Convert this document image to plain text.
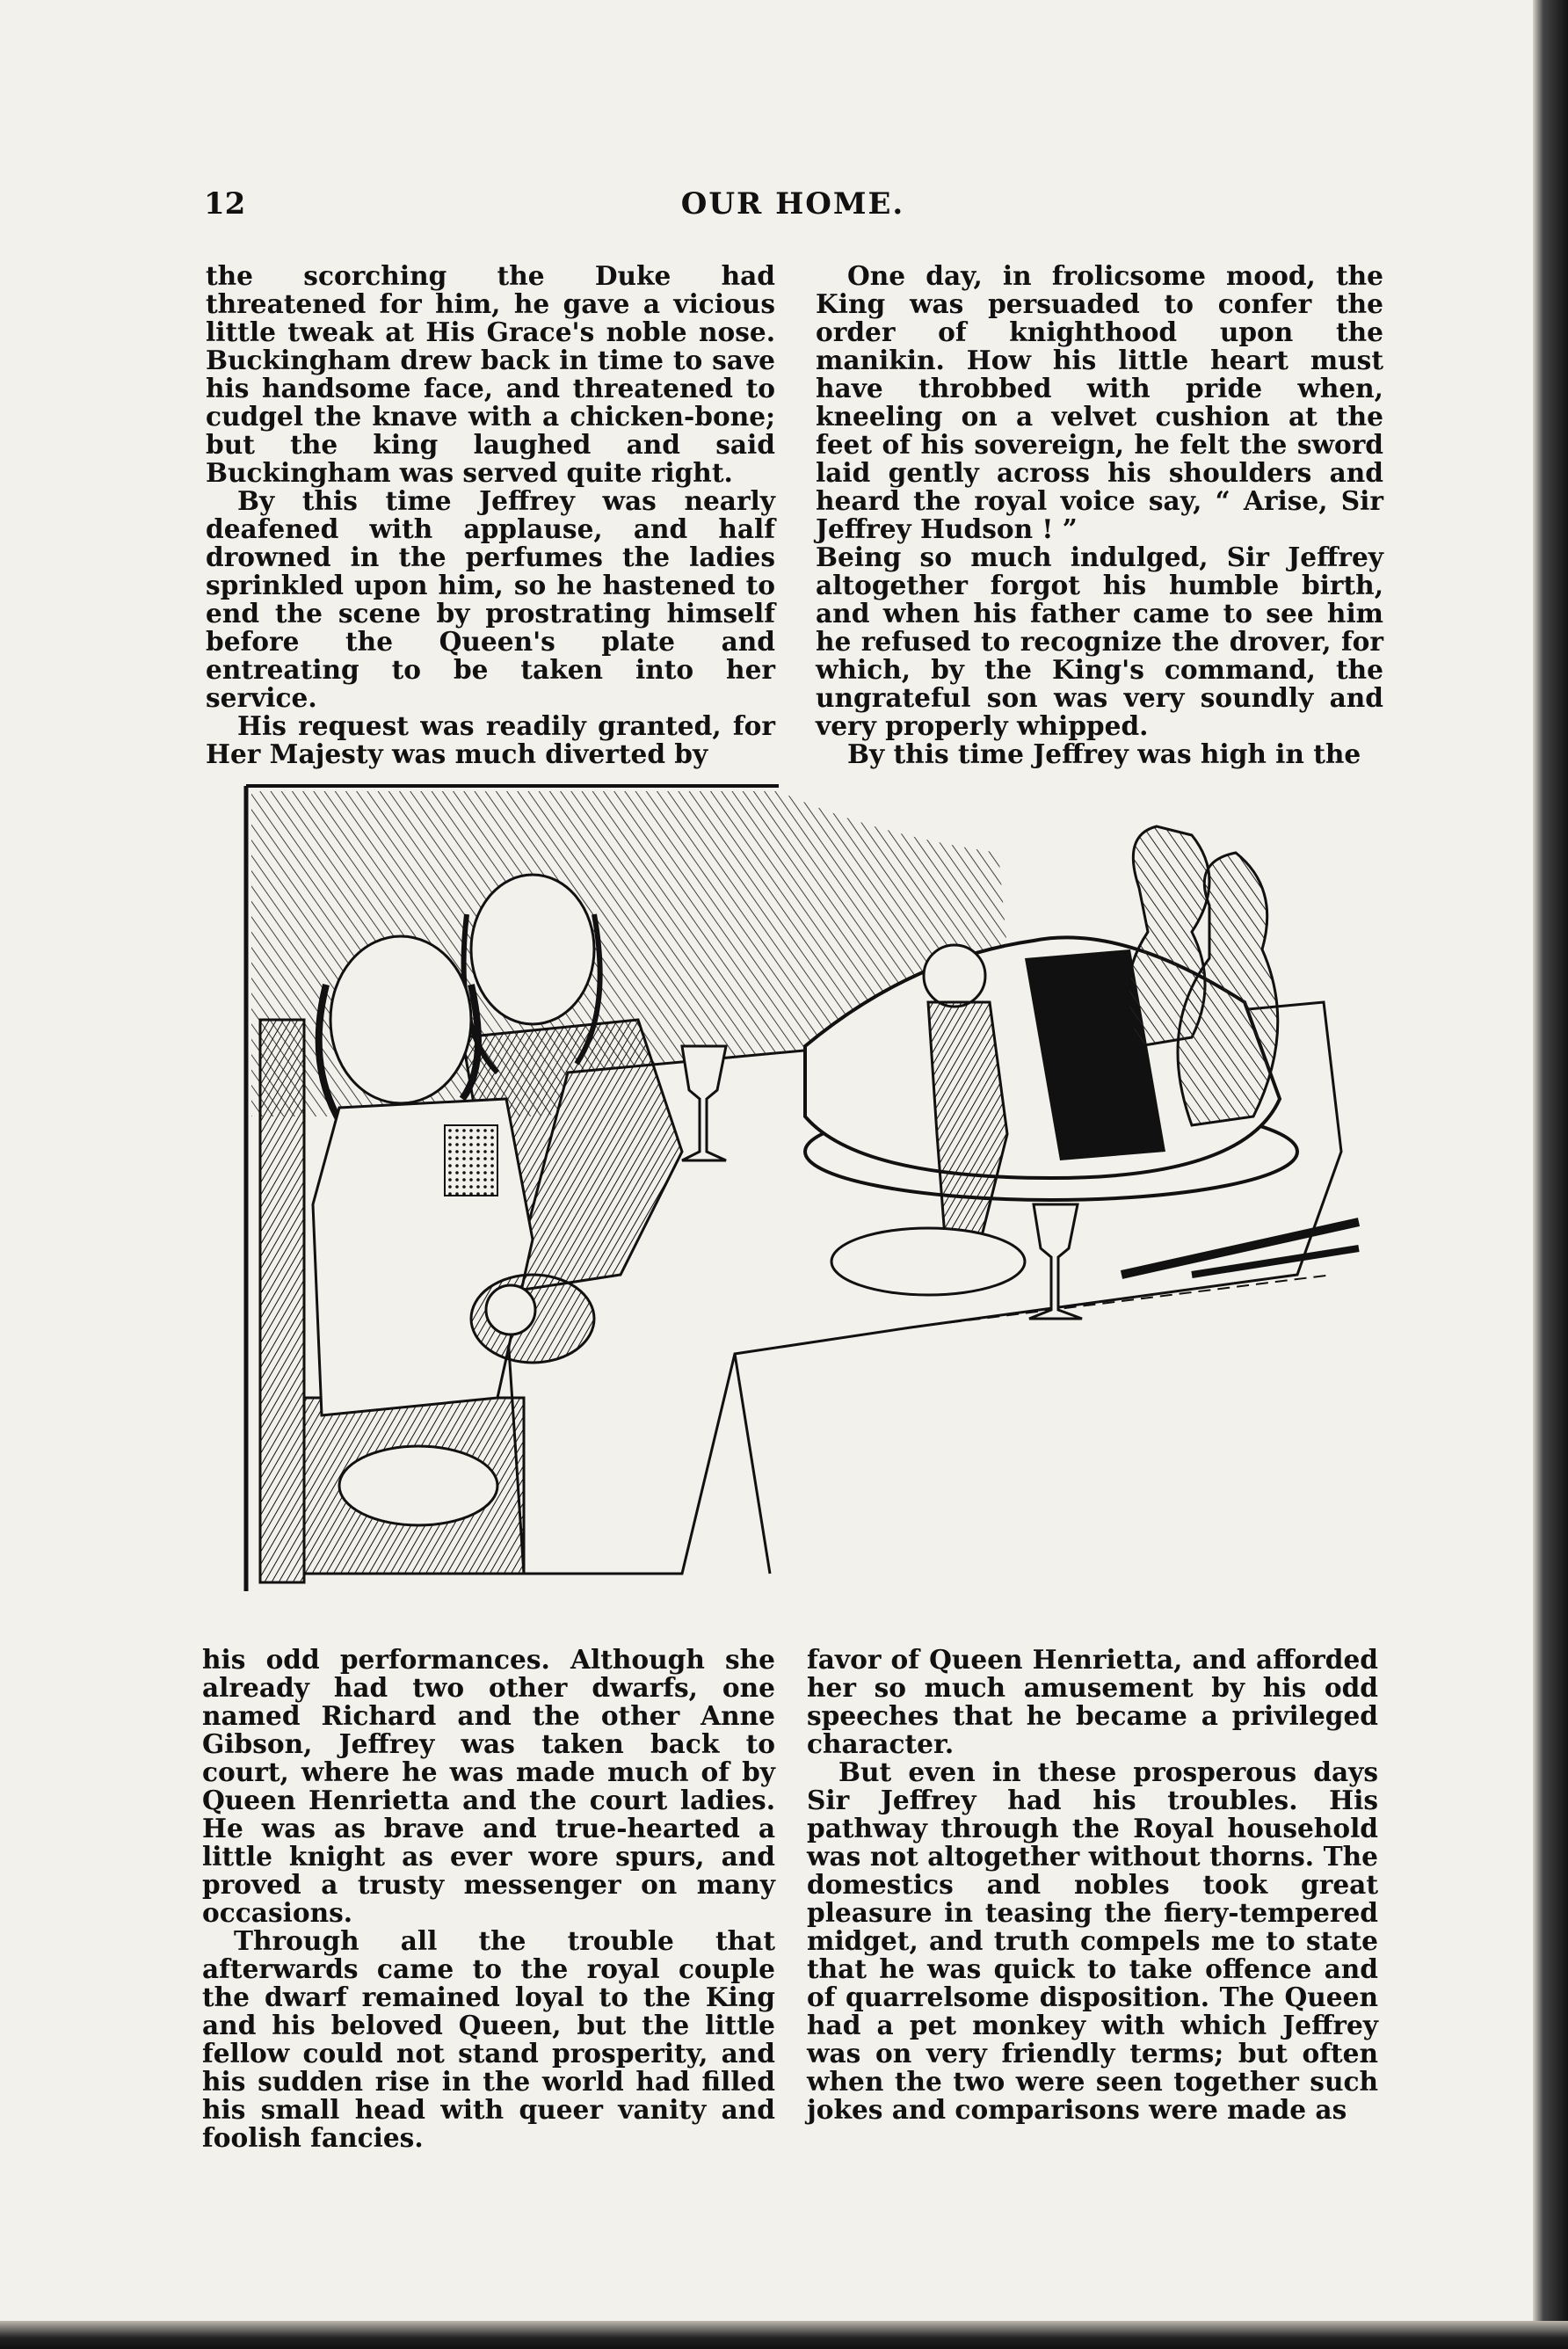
12	OUR HOME.

the scorching the Duke had threatened for him, he gave a vicious little tweak at His Grace's noble nose. Buckingham drew back in time to save his handsome face, and threatened to cudgel the knave with a chicken-bone; but the king laughed and said Buckingham was served quite right.

By this time Jeffrey was nearly deafened with applause, and half drowned in the perfumes the ladies sprinkled upon him, so he hastened to end the scene by prostrating himself before the Queen's plate and entreating to be taken into her service.

His request was readily granted, for Her Majesty was much diverted by

One day, in frolicsome mood, the King was persuaded to confer the order of knighthood upon the manikin. How his little heart must have throbbed with pride when, kneeling on a velvet cushion at the feet of his sovereign, he felt the sword laid gently across his shoulders and heard the royal voice say, “ Arise, Sir Jeffrey Hudson ! ”

Being so much indulged, Sir Jeffrey altogether forgot his humble birth, and when his father came to see him he refused to recognize the drover, for which, by the King's command, the ungrateful son was very soundly and very properly whipped.

By this time Jeffrey was high in the

his odd performances. Although she already had two other dwarfs, one named Richard and the other Anne Gibson, Jeffrey was taken back to court, where he was made much of by Queen Henrietta and the court ladies. He was as brave and true-hearted a little knight as ever wore spurs, and proved a trusty messenger on many occasions.

Through all the trouble that afterwards came to the royal couple the dwarf remained loyal to the King and his beloved Queen, but the little fellow could not stand prosperity, and his sudden rise in the world had filled his small head with queer vanity and foolish fancies.

favor of Queen Henrietta, and afforded her so much amusement by his odd speeches that he became a privileged character.

But even in these prosperous days Sir Jeffrey had his troubles. His pathway through the Royal household was not altogether without thorns. The domestics and nobles took great pleasure in teasing the fiery-tempered midget, and truth compels me to state that he was quick to take offence and of quarrelsome disposition. The Queen had a pet monkey with which Jeffrey was on very friendly terms; but often when the two were seen together such jokes and comparisons were made as
